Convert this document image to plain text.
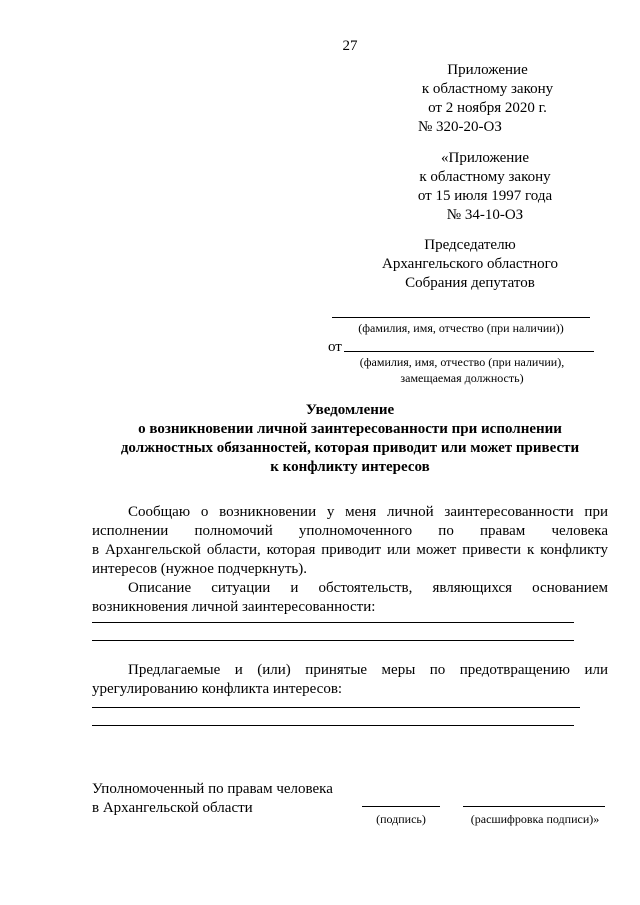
27
Приложение
к областному закону
от 2 ноября 2020 г.
№ 320-20-ОЗ
«Приложение
к областному закону
от 15 июля 1997 года
№ 34-10-ОЗ
Председателю
Архангельского областного
Собрания депутатов
(фамилия, имя, отчество (при наличии))
от
(фамилия, имя, отчество (при наличии),
замещаемая должность)
Уведомление
о возникновении личной заинтересованности при исполнении
должностных обязанностей, которая приводит или может привести
к конфликту интересов
Сообщаю о возникновении у меня личной заинтересованности при
исполнении полномочий уполномоченного по правам человека
в Архангельской области, которая приводит или может привести к конфликту
интересов (нужное подчеркнуть).
Описание ситуации и обстоятельств, являющихся основанием
возникновения личной заинтересованности:
Предлагаемые и (или) принятые меры по предотвращению или
урегулированию конфликта интересов:
Уполномоченный по правам человека
в Архангельской области
(подпись)	(расшифровка подписи)»
